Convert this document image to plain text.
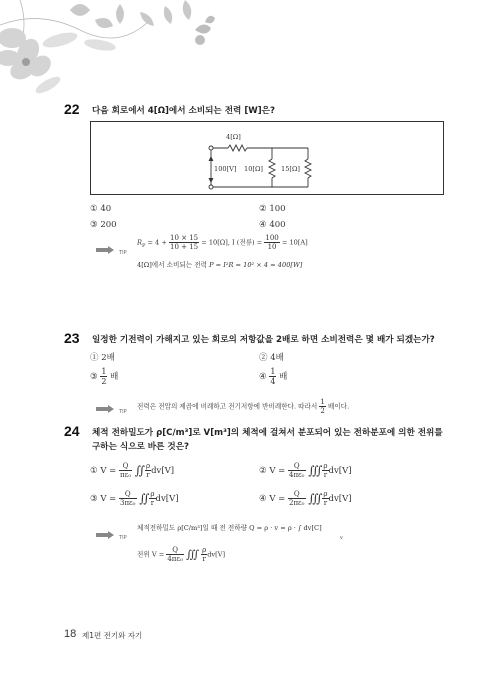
22 다음 회로에서 4[Ω]에서 소비되는 전력 [W]은?
4[Ω]
100[V] 10[Ω]	15[Ω]
① 40	② 100
③ 200	④ 400
TIP
$R_P = 4 + \frac{10 \times 15}{10 + 15} = 10[\Omega]$, I (전류) = $\frac{100}{10} = 10[A]$
4[Ω]에서 소비되는 전력 P = I²R = 10² × 4 = 400[W]
23 일정한 기전력이 가해지고 있는 회로의 저항값을 2배로 하면 소비전력은 몇 배가 되겠는가?
① 2배	② 4배
③ $\frac{1}{2}$ 배	④ $\frac{1}{4}$ 배
TIP
전력은 전압의 제곱에 비례하고 전기저항에 반비례한다. 따라서 $\frac{1}{2}$ 배이다.
24 체적 전하밀도가 ρ[C/m³]로 V[m³]의 체적에 걸쳐서 분포되어 있는 전하분포에 의한 전위를
구하는 식으로 바른 것은?
① $V = \frac{Q}{\text{πε₀}}$ ∬ $\frac{\rho}{r} dv[V]$	② $V = \frac{Q}{\text{4πε₀}}$ ∭ $\frac{\rho}{r} dv[V]$
③ $V = \frac{Q}{\text{3πε₀}}$ ∬ $\frac{\rho}{r} dv[V]$	④ $V = \frac{Q}{\text{2πε₀}}$ ∭ $\frac{\rho}{r} dv[V]$
TIP
체적전하밀도 ρ[C/m³]일 때 전 전하량 Q = ρ · v = ρ · ∫ dv[C]
v
전위 $V = \frac{Q}{\text{4πε₀}}$ ∭ $\frac{\rho}{r} dv[V]$
18 제1편 전기와 자기
